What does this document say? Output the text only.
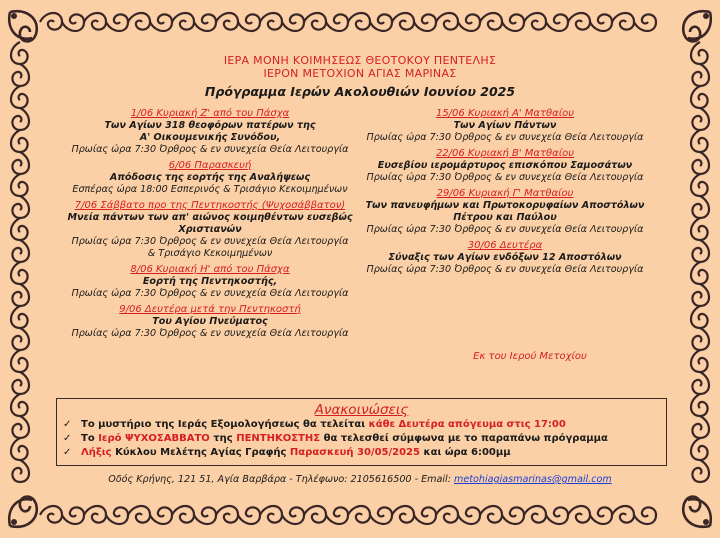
ΙΕΡΑ ΜΟΝΗ ΚΟΙΜΗΣΕΩΣ ΘΕΟΤΟΚΟΥ ΠΕΝΤΕΛΗΣ
ΙΕΡΟΝ ΜΕΤΟΧΙΟΝ ΑΓΙΑΣ ΜΑΡΙΝΑΣ
Πρόγραμμα Ιερών Ακολουθιών Ιουνίου 2025
1/06 Κυριακή Ζ' από του Πάσχα
Των Αγίων 318 θεοφόρων πατέρων της
Α' Οικουμενικής Συνόδου,
Πρωίας ώρα 7:30 Όρθρος & εν συνεχεία Θεία Λειτουργία
6/06 Παρασκευή
Απόδοσις της εορτής της Αναλήψεως
Εσπέρας ώρα 18:00 Εσπερινός & Τρισάγιο Κεκοιμημένων
7/06 Σάββατο προ της Πεντηκοστής (Ψυχοσάββατον)
Μνεία πάντων των απ' αιώνος κοιμηθέντων ευσεβώς
Χριστιανών
Πρωίας ώρα 7:30 Όρθρος & εν συνεχεία Θεία Λειτουργία
& Τρισάγιο Κεκοιμημένων
8/06 Κυριακή Η' από του Πάσχα
Εορτή της Πεντηκοστής,
Πρωίας ώρα 7:30 Όρθρος & εν συνεχεία Θεία Λειτουργία
9/06 Δευτέρα μετά την Πεντηκοστή
Του Αγίου Πνεύματος
Πρωίας ώρα 7:30 Όρθρος & εν συνεχεία Θεία Λειτουργία
15/06 Κυριακή Α' Ματθαίου
Των Αγίων Πάντων
Πρωίας ώρα 7:30 Όρθρος & εν συνεχεία Θεία Λειτουργία
22/06 Κυριακή Β' Ματθαίου
Ευσεβίου ιερομάρτυρος επισκόπου Σαμοσάτων
Πρωίας ώρα 7:30 Όρθρος & εν συνεχεία Θεία Λειτουργία
29/06 Κυριακή Γ' Ματθαίου
Των πανευφήμων και Πρωτοκορυφαίων Αποστόλων
Πέτρου και Παύλου
Πρωίας ώρα 7:30 Όρθρος & εν συνεχεία Θεία Λειτουργία
30/06 Δευτέρα
Σύναξις των Αγίων ενδόξων 12 Αποστόλων
Πρωίας ώρα 7:30 Όρθρος & εν συνεχεία Θεία Λειτουργία
Εκ του Ιερού Μετοχίου
Ανακοινώσεις
✓ Το μυστήριο της Ιεράς Εξομολογήσεως θα τελείται κάθε Δευτέρα απόγευμα στις 17:00
✓ Το Ιερό ΨΥΧΟΣΑΒΒΑΤΟ της ΠΕΝΤΗΚΟΣΤΗΣ θα τελεσθεί σύμφωνα με το παραπάνω πρόγραμμα
✓ Λήξις Κύκλου Μελέτης Αγίας Γραφής Παρασκευή 30/05/2025 και ώρα 6:00μμ
Οδός Κρήνης, 121 51, Αγία Βαρβάρα - Τηλέφωνο: 2105616500 - Email: metohiagiasmarinas@gmail.com
